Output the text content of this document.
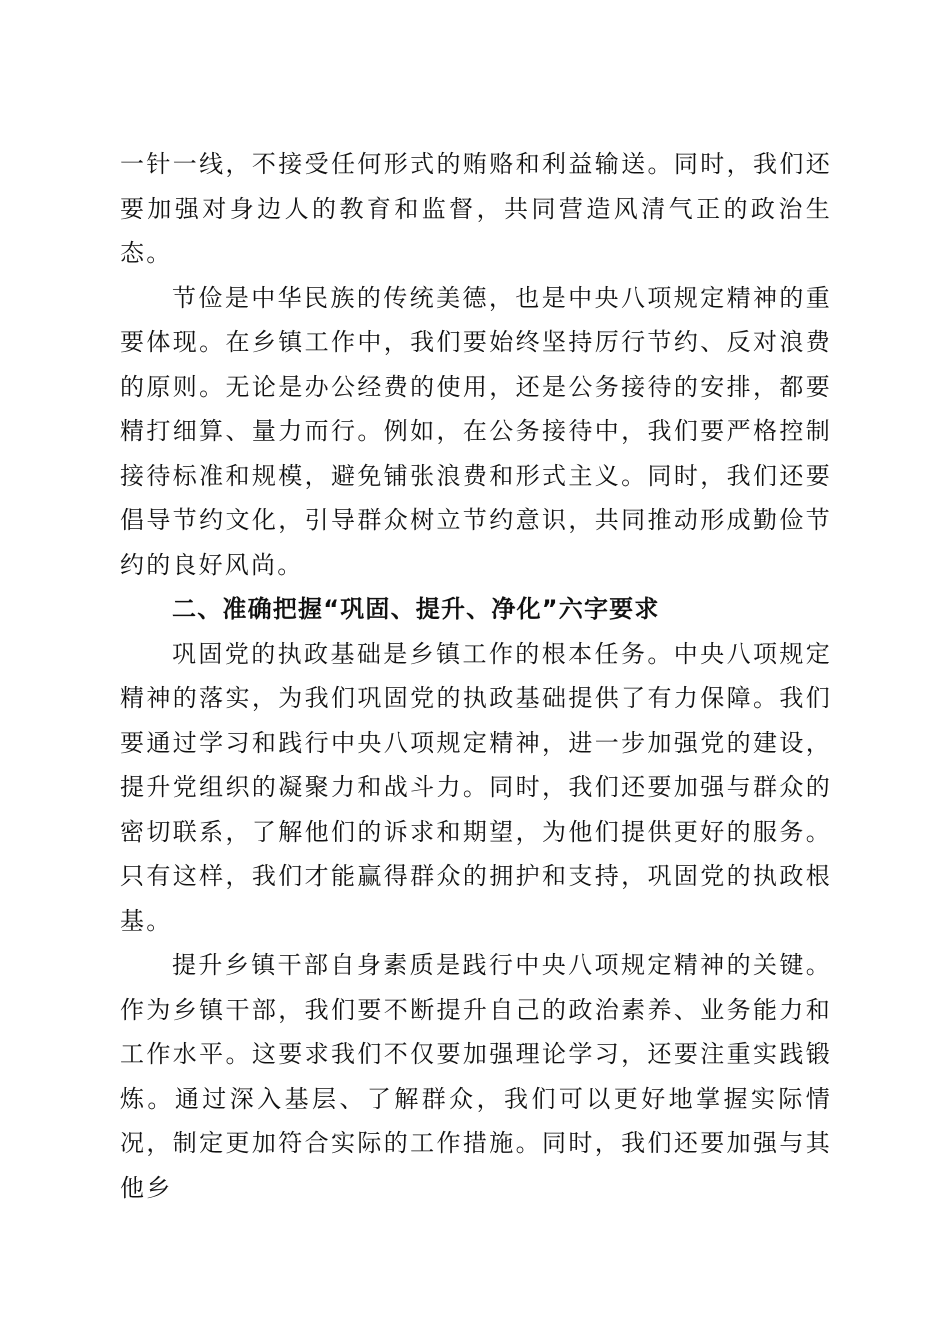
一针一线，不接受任何形式的贿赂和利益输送。同时，我们还要加强对身边人的教育和监督，共同营造风清气正的政治生态。

节俭是中华民族的传统美德，也是中央八项规定精神的重要体现。在乡镇工作中，我们要始终坚持厉行节约、反对浪费的原则。无论是办公经费的使用，还是公务接待的安排，都要精打细算、量力而行。例如，在公务接待中，我们要严格控制接待标准和规模，避免铺张浪费和形式主义。同时，我们还要倡导节约文化，引导群众树立节约意识，共同推动形成勤俭节约的良好风尚。

二、准确把握“巩固、提升、净化”六字要求

巩固党的执政基础是乡镇工作的根本任务。中央八项规定精神的落实，为我们巩固党的执政基础提供了有力保障。我们要通过学习和践行中央八项规定精神，进一步加强党的建设，提升党组织的凝聚力和战斗力。同时，我们还要加强与群众的密切联系，了解他们的诉求和期望，为他们提供更好的服务。只有这样，我们才能赢得群众的拥护和支持，巩固党的执政根基。

提升乡镇干部自身素质是践行中央八项规定精神的关键。作为乡镇干部，我们要不断提升自己的政治素养、业务能力和工作水平。这要求我们不仅要加强理论学习，还要注重实践锻炼。通过深入基层、了解群众，我们可以更好地掌握实际情况，制定更加符合实际的工作措施。同时，我们还要加强与其他乡
